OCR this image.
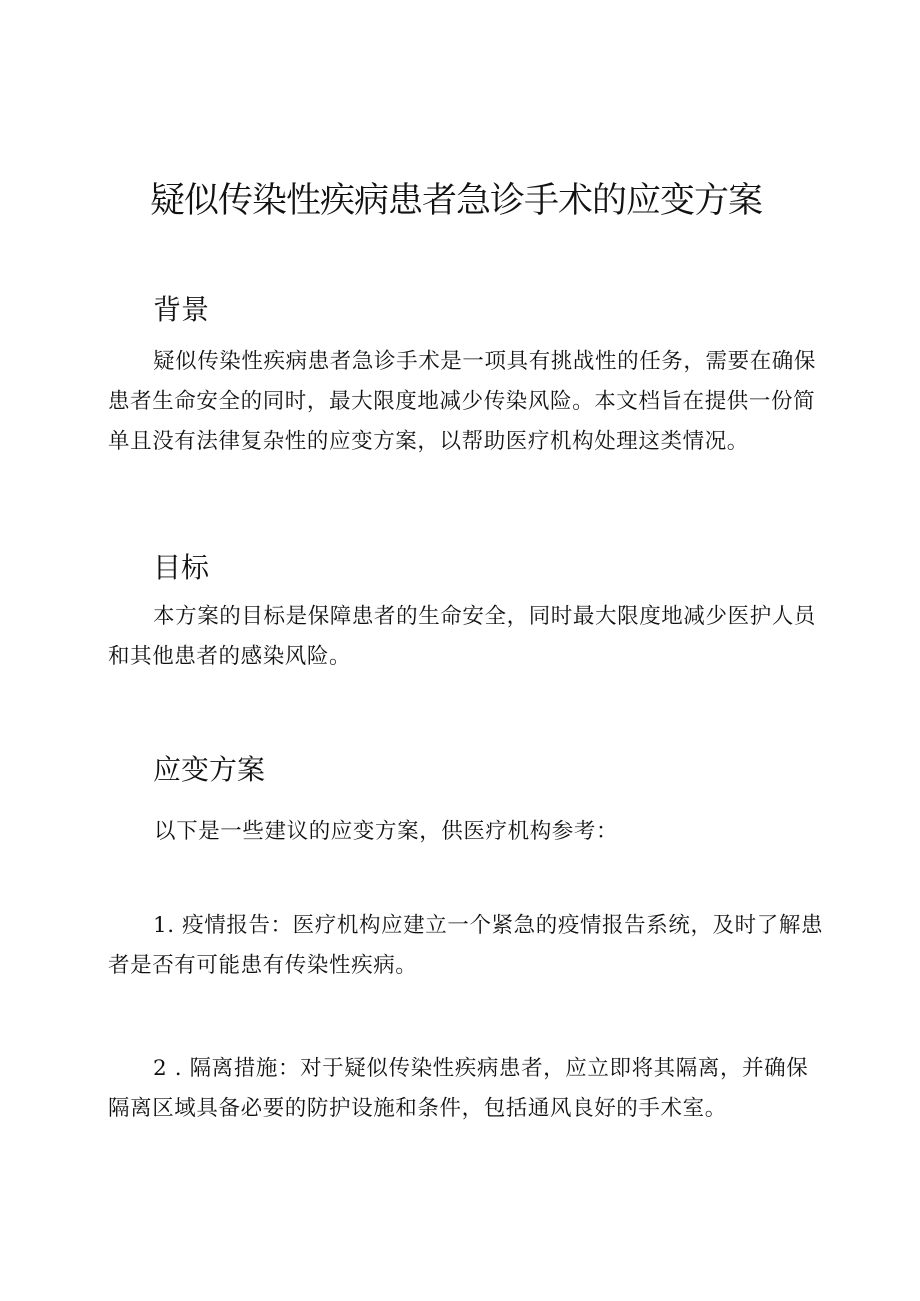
疑似传染性疾病患者急诊手术的应变方案
背景

疑似传染性疾病患者急诊手术是一项具有挑战性的任务，需要在确保患者生命安全的同时，最大限度地减少传染风险。本文档旨在提供一份简单且没有法律复杂性的应变方案，以帮助医疗机构处理这类情况。

目标

本方案的目标是保障患者的生命安全，同时最大限度地减少医护人员和其他患者的感染风险。

应变方案

以下是一些建议的应变方案，供医疗机构参考：

1. 疫情报告：医疗机构应建立一个紧急的疫情报告系统，及时了解患者是否有可能患有传染性疾病。

2 . 隔离措施：对于疑似传染性疾病患者，应立即将其隔离，并确保隔离区域具备必要的防护设施和条件，包括通风良好的手术室。
